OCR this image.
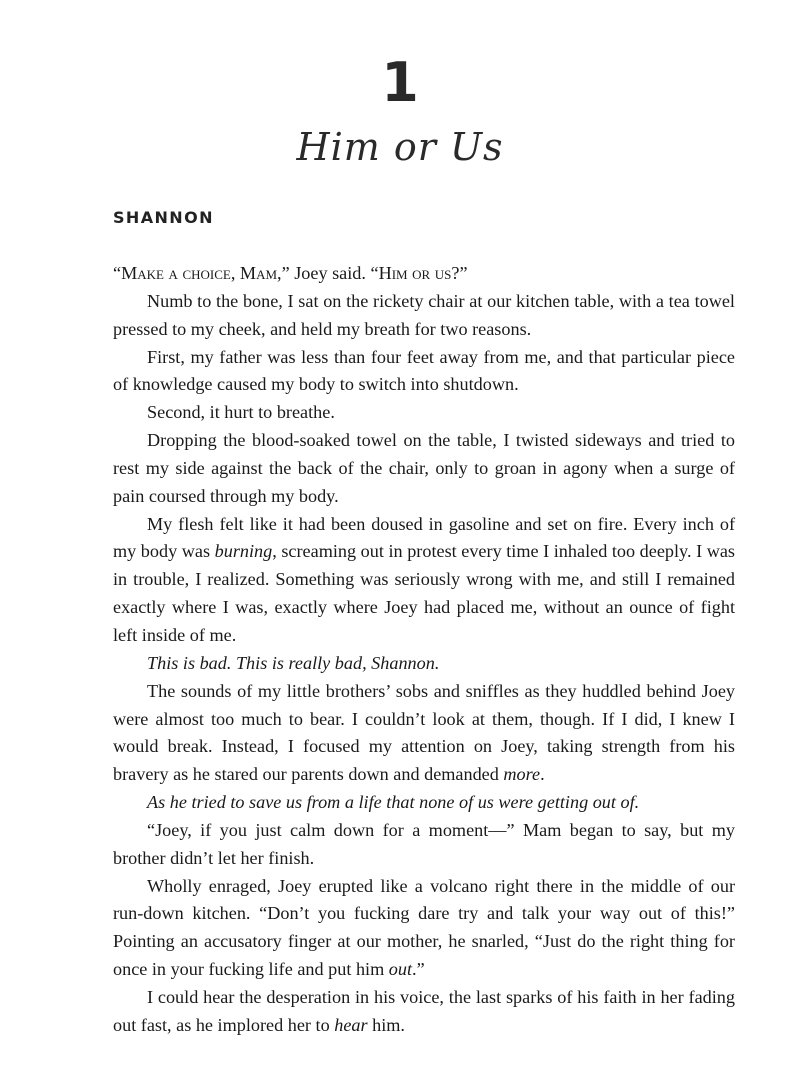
1
Him or Us
SHANNON

“Make a choice, Mam,” Joey said. “Him or us?”

Numb to the bone, I sat on the rickety chair at our kitchen table, with a tea towel pressed to my cheek, and held my breath for two reasons.

First, my father was less than four feet away from me, and that particular piece of knowledge caused my body to switch into shutdown.

Second, it hurt to breathe.

Dropping the blood-soaked towel on the table, I twisted sideways and tried to rest my side against the back of the chair, only to groan in agony when a surge of pain coursed through my body.

My flesh felt like it had been doused in gasoline and set on fire. Every inch of my body was burning, screaming out in protest every time I inhaled too deeply. I was in trouble, I realized. Something was seriously wrong with me, and still I remained exactly where I was, exactly where Joey had placed me, without an ounce of fight left inside of me.

This is bad. This is really bad, Shannon.

The sounds of my little brothers’ sobs and sniffles as they huddled behind Joey were almost too much to bear. I couldn’t look at them, though. If I did, I knew I would break. Instead, I focused my attention on Joey, taking strength from his bravery as he stared our parents down and demanded more.

As he tried to save us from a life that none of us were getting out of.

“Joey, if you just calm down for a moment—” Mam began to say, but my brother didn’t let her finish.

Wholly enraged, Joey erupted like a volcano right there in the middle of our run-down kitchen. “Don’t you fucking dare try and talk your way out of this!” Pointing an accusatory finger at our mother, he snarled, “Just do the right thing for once in your fucking life and put him out.”

I could hear the desperation in his voice, the last sparks of his faith in her fading out fast, as he implored her to hear him.
